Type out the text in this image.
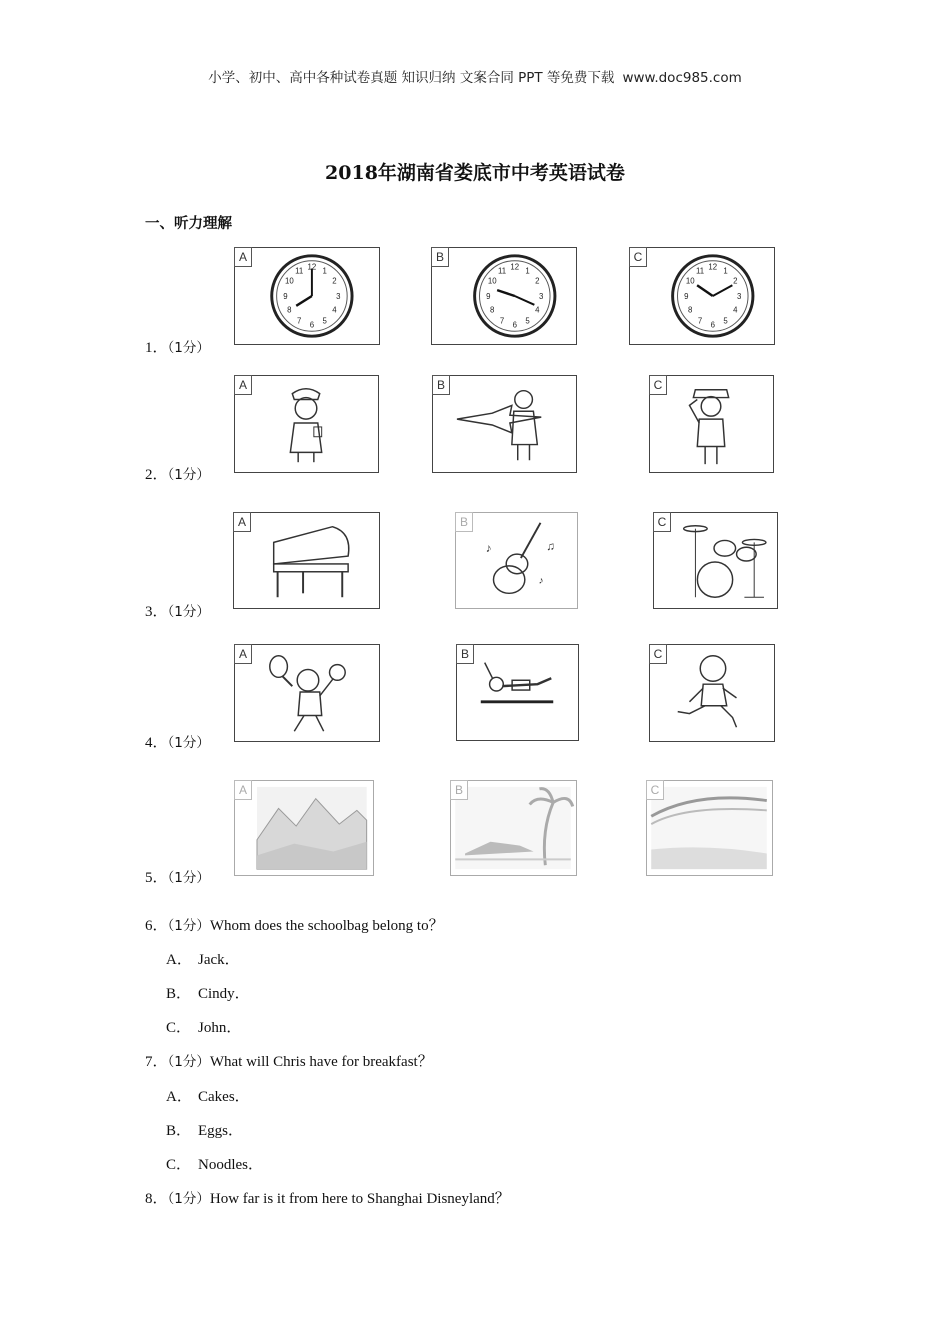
小学、初中、高中各种试卷真题 知识归纳 文案合同 PPT 等免费下载 www.doc985.com
2018年湖南省娄底市中考英语试卷
一、听力理解
1．（1分）
2．（1分）
3．（1分）
4．（1分）
5．（1分）
A
12 1
2
3
4
5
6
7
8
9
10
11
B
12 1
2
3
4
5
6
7
8
9
10
11
C
12 1
2
3
4
5
6
7
8
9
10
11
A	B	C
A	B
♪	♫
♪
C
A	B	C
A	B	C
6．（1分）Whom does the schoolbag belong to？
A． Jack．
B． Cindy．
C． John．
7．（1分）What will Chris have for breakfast？
A． Cakes．
B． Eggs．
C． Noodles．
8．（1分）How far is it from here to Shanghai Disneyland？
